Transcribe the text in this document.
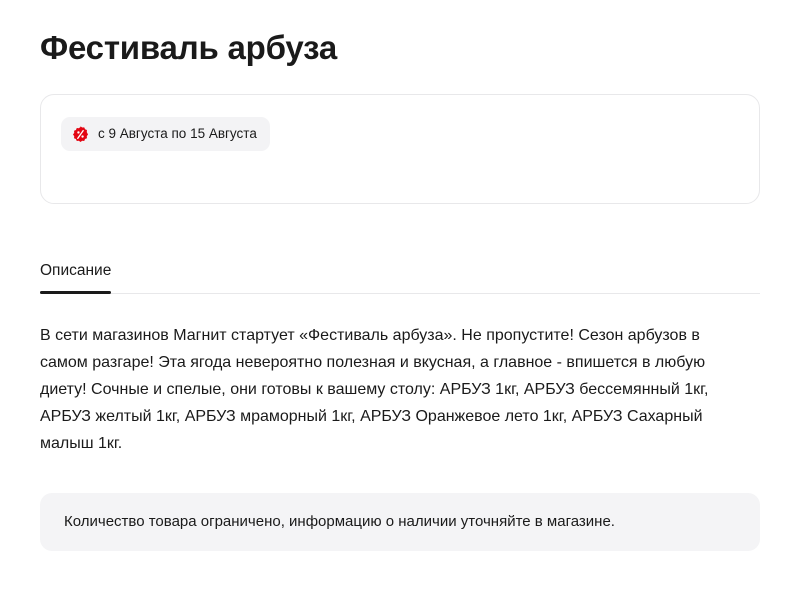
Фестиваль арбуза
с 9 Августа по 15 Августа
Описание
В сети магазинов Магнит стартует «Фестиваль арбуза». Не пропустите! Сезон арбузов в самом разгаре! Эта ягода невероятно полезная и вкусная, а главное - впишется в любую диету! Сочные и спелые, они готовы к вашему столу: АРБУЗ 1кг, АРБУЗ бессемянный 1кг, АРБУЗ желтый 1кг, АРБУЗ мраморный 1кг, АРБУЗ Оранжевое лето 1кг, АРБУЗ Сахарный малыш 1кг.
Количество товара ограничено, информацию о наличии уточняйте в магазине.
